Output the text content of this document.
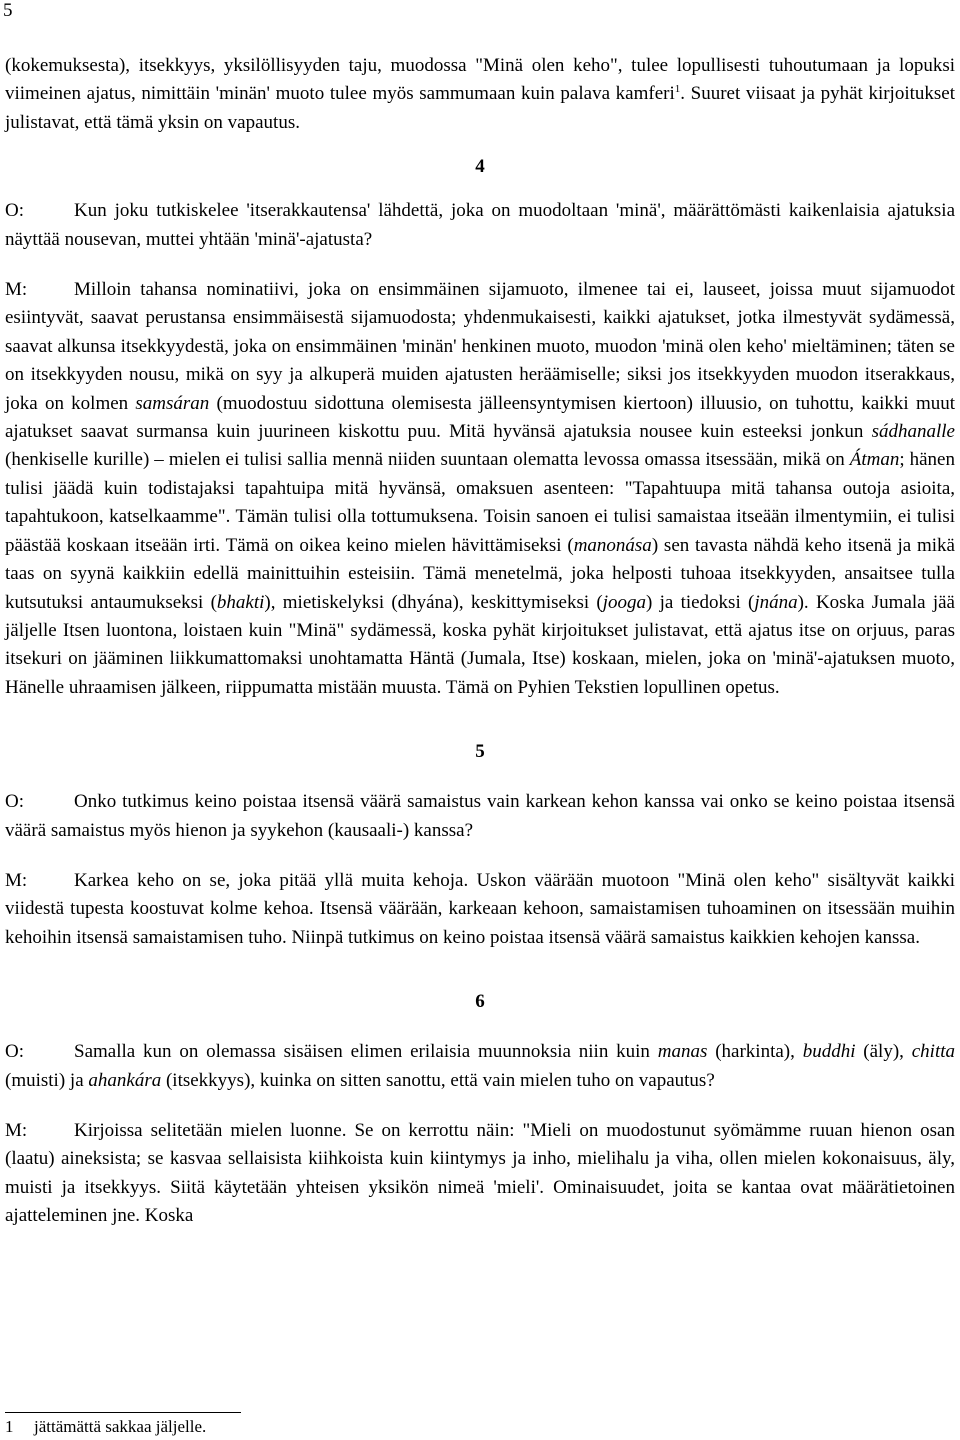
5

(kokemuksesta), itsekkyys, yksilöllisyyden taju, muodossa "Minä olen keho", tulee lopullisesti tuhoutumaan ja lopuksi viimeinen ajatus, nimittäin 'minän' muoto tulee myös sammumaan kuin palava kamferi$^1$. Suuret viisaat ja pyhät kirjoitukset julistavat, että tämä yksin on vapautus.

4

O:	Kun joku tutkiskelee 'itserakkautensa' lähdettä, joka on muodoltaan 'minä', määrättömästi kaikenlaisia ajatuksia näyttää nousevan, muttei yhtään 'minä'-ajatusta?

M: Milloin tahansa nominatiivi, joka on ensimmäinen sijamuoto, ilmenee tai ei, lauseet, joissa muut sijamuodot esiintyvät, saavat perustansa ensimmäisestä sijamuodosta; yhdenmukaisesti, kaikki ajatukset, jotka ilmestyvät sydämessä, saavat alkunsa itsekkyydestä, joka on ensimmäinen 'minän' henkinen muoto, muodon 'minä olen keho' mieltäminen; täten se on itsekkyyden nousu, mikä on syy ja alkuperä muiden ajatusten heräämiselle; siksi jos itsekkyyden muodon itserakkaus, joka on kolmen samsáran (muodostuu sidottuna olemisesta jälleensyntymisen kiertoon) illuusio, on tuhottu, kaikki muut ajatukset saavat surmansa kuin juurineen kiskottu puu. Mitä hyvänsä ajatuksia nousee kuin esteeksi jonkun sádhanalle (henkiselle kurille) – mielen ei tulisi sallia mennä niiden suuntaan olematta levossa omassa itsessään, mikä on Átman; hänen tulisi jäädä kuin todistajaksi tapahtuipa mitä hyvänsä, omaksuen asenteen: "Tapahtuupa mitä tahansa outoja asioita, tapahtukoon, katselkaamme". Tämän tulisi olla tottumuksena. Toisin sanoen ei tulisi samaistaa itseään ilmentymiin, ei tulisi päästää koskaan itseään irti. Tämä on oikea keino mielen hävittämiseksi (manonása) sen tavasta nähdä keho itsenä ja mikä taas on syynä kaikkiin edellä mainittuihin esteisiin. Tämä menetelmä, joka helposti tuhoaa itsekkyyden, ansaitsee tulla kutsutuksi antaumukseksi (bhakti), mietiskelyksi (dhyána), keskittymiseksi (jooga) ja tiedoksi (jnána). Koska Jumala jää jäljelle Itsen luontona, loistaen kuin "Minä" sydämessä, koska pyhät kirjoitukset julistavat, että ajatus itse on orjuus, paras itsekuri on jääminen liikkumattomaksi unohtamatta Häntä (Jumala, Itse) koskaan, mielen, joka on 'minä'-ajatuksen muoto, Hänelle uhraamisen jälkeen, riippumatta mistään muusta. Tämä on Pyhien Tekstien lopullinen opetus.

5

O:	Onko tutkimus keino poistaa itsensä väärä samaistus vain karkean kehon kanssa vai onko se keino poistaa itsensä väärä samaistus myös hienon ja syykehon (kausaali-) kanssa?

M: Karkea keho on se, joka pitää yllä muita kehoja. Uskon väärään muotoon "Minä olen keho" sisältyvät kaikki viidestä tupesta koostuvat kolme kehoa. Itsensä väärään, karkeaan kehoon, samaistamisen tuhoaminen on itsessään muihin kehoihin itsensä samaistamisen tuho. Niinpä tutkimus on keino poistaa itsensä väärä samaistus kaikkien kehojen kanssa.

6

O:	Samalla kun on olemassa sisäisen elimen erilaisia muunnoksia niin kuin manas (harkinta), buddhi (äly), chitta (muisti) ja ahankára (itsekkyys), kuinka on sitten sanottu, että vain mielen tuho on vapautus?

M: Kirjoissa selitetään mielen luonne. Se on kerrottu näin: "Mieli on muodostunut syömämme ruuan hienon osan (laatu) aineksista; se kasvaa sellaisista kiihkoista kuin kiintymys ja inho, mielihalu ja viha, ollen mielen kokonaisuus, äly, muisti ja itsekkyys. Siitä käytetään yhteisen yksikön nimeä 'mieli'. Ominaisuudet, joita se kantaa ovat määrätietoinen ajatteleminen jne. Koska

1 jättämättä sakkaa jäljelle.
